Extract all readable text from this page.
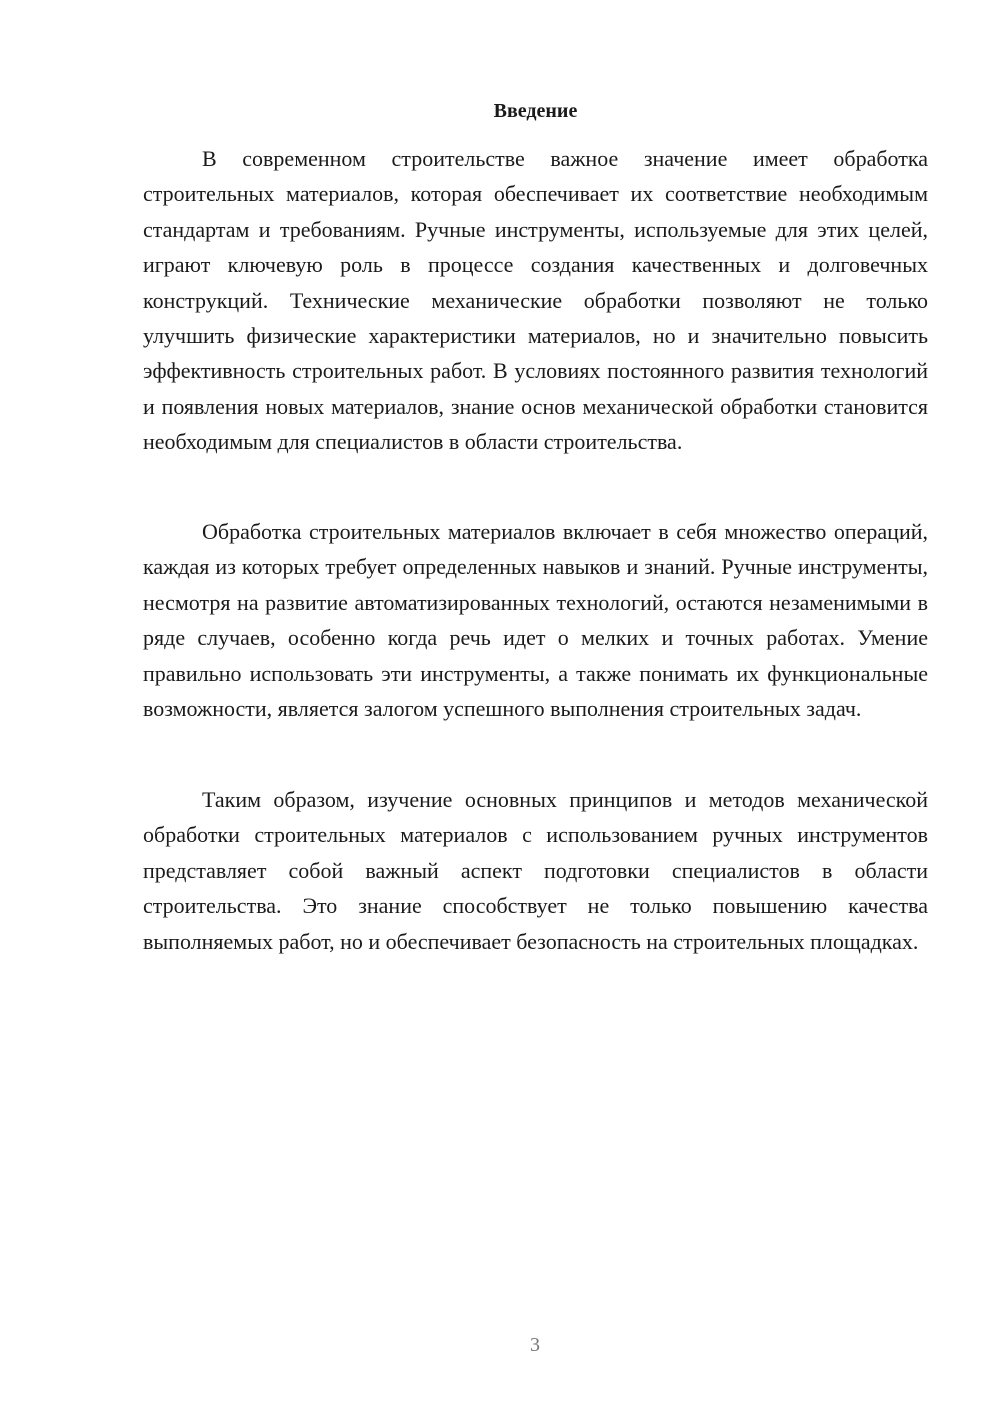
Введение

В современном строительстве важное значение имеет обработка строительных материалов, которая обеспечивает их соответствие необходимым стандартам и требованиям. Ручные инструменты, используемые для этих целей, играют ключевую роль в процессе создания качественных и долговечных конструкций. Технические механические обработки позволяют не только улучшить физические характеристики материалов, но и значительно повысить эффективность строительных работ. В условиях постоянного развития технологий и появления новых материалов, знание основ механической обработки становится необходимым для специалистов в области строительства.

Обработка строительных материалов включает в себя множество операций, каждая из которых требует определенных навыков и знаний. Ручные инструменты, несмотря на развитие автоматизированных технологий, остаются незаменимыми в ряде случаев, особенно когда речь идет о мелких и точных работах. Умение правильно использовать эти инструменты, а также понимать их функциональные возможности, является залогом успешного выполнения строительных задач.

Таким образом, изучение основных принципов и методов механической обработки строительных материалов с использованием ручных инструментов представляет собой важный аспект подготовки специалистов в области строительства. Это знание способствует не только повышению качества выполняемых работ, но и обеспечивает безопасность на строительных площадках.

3
